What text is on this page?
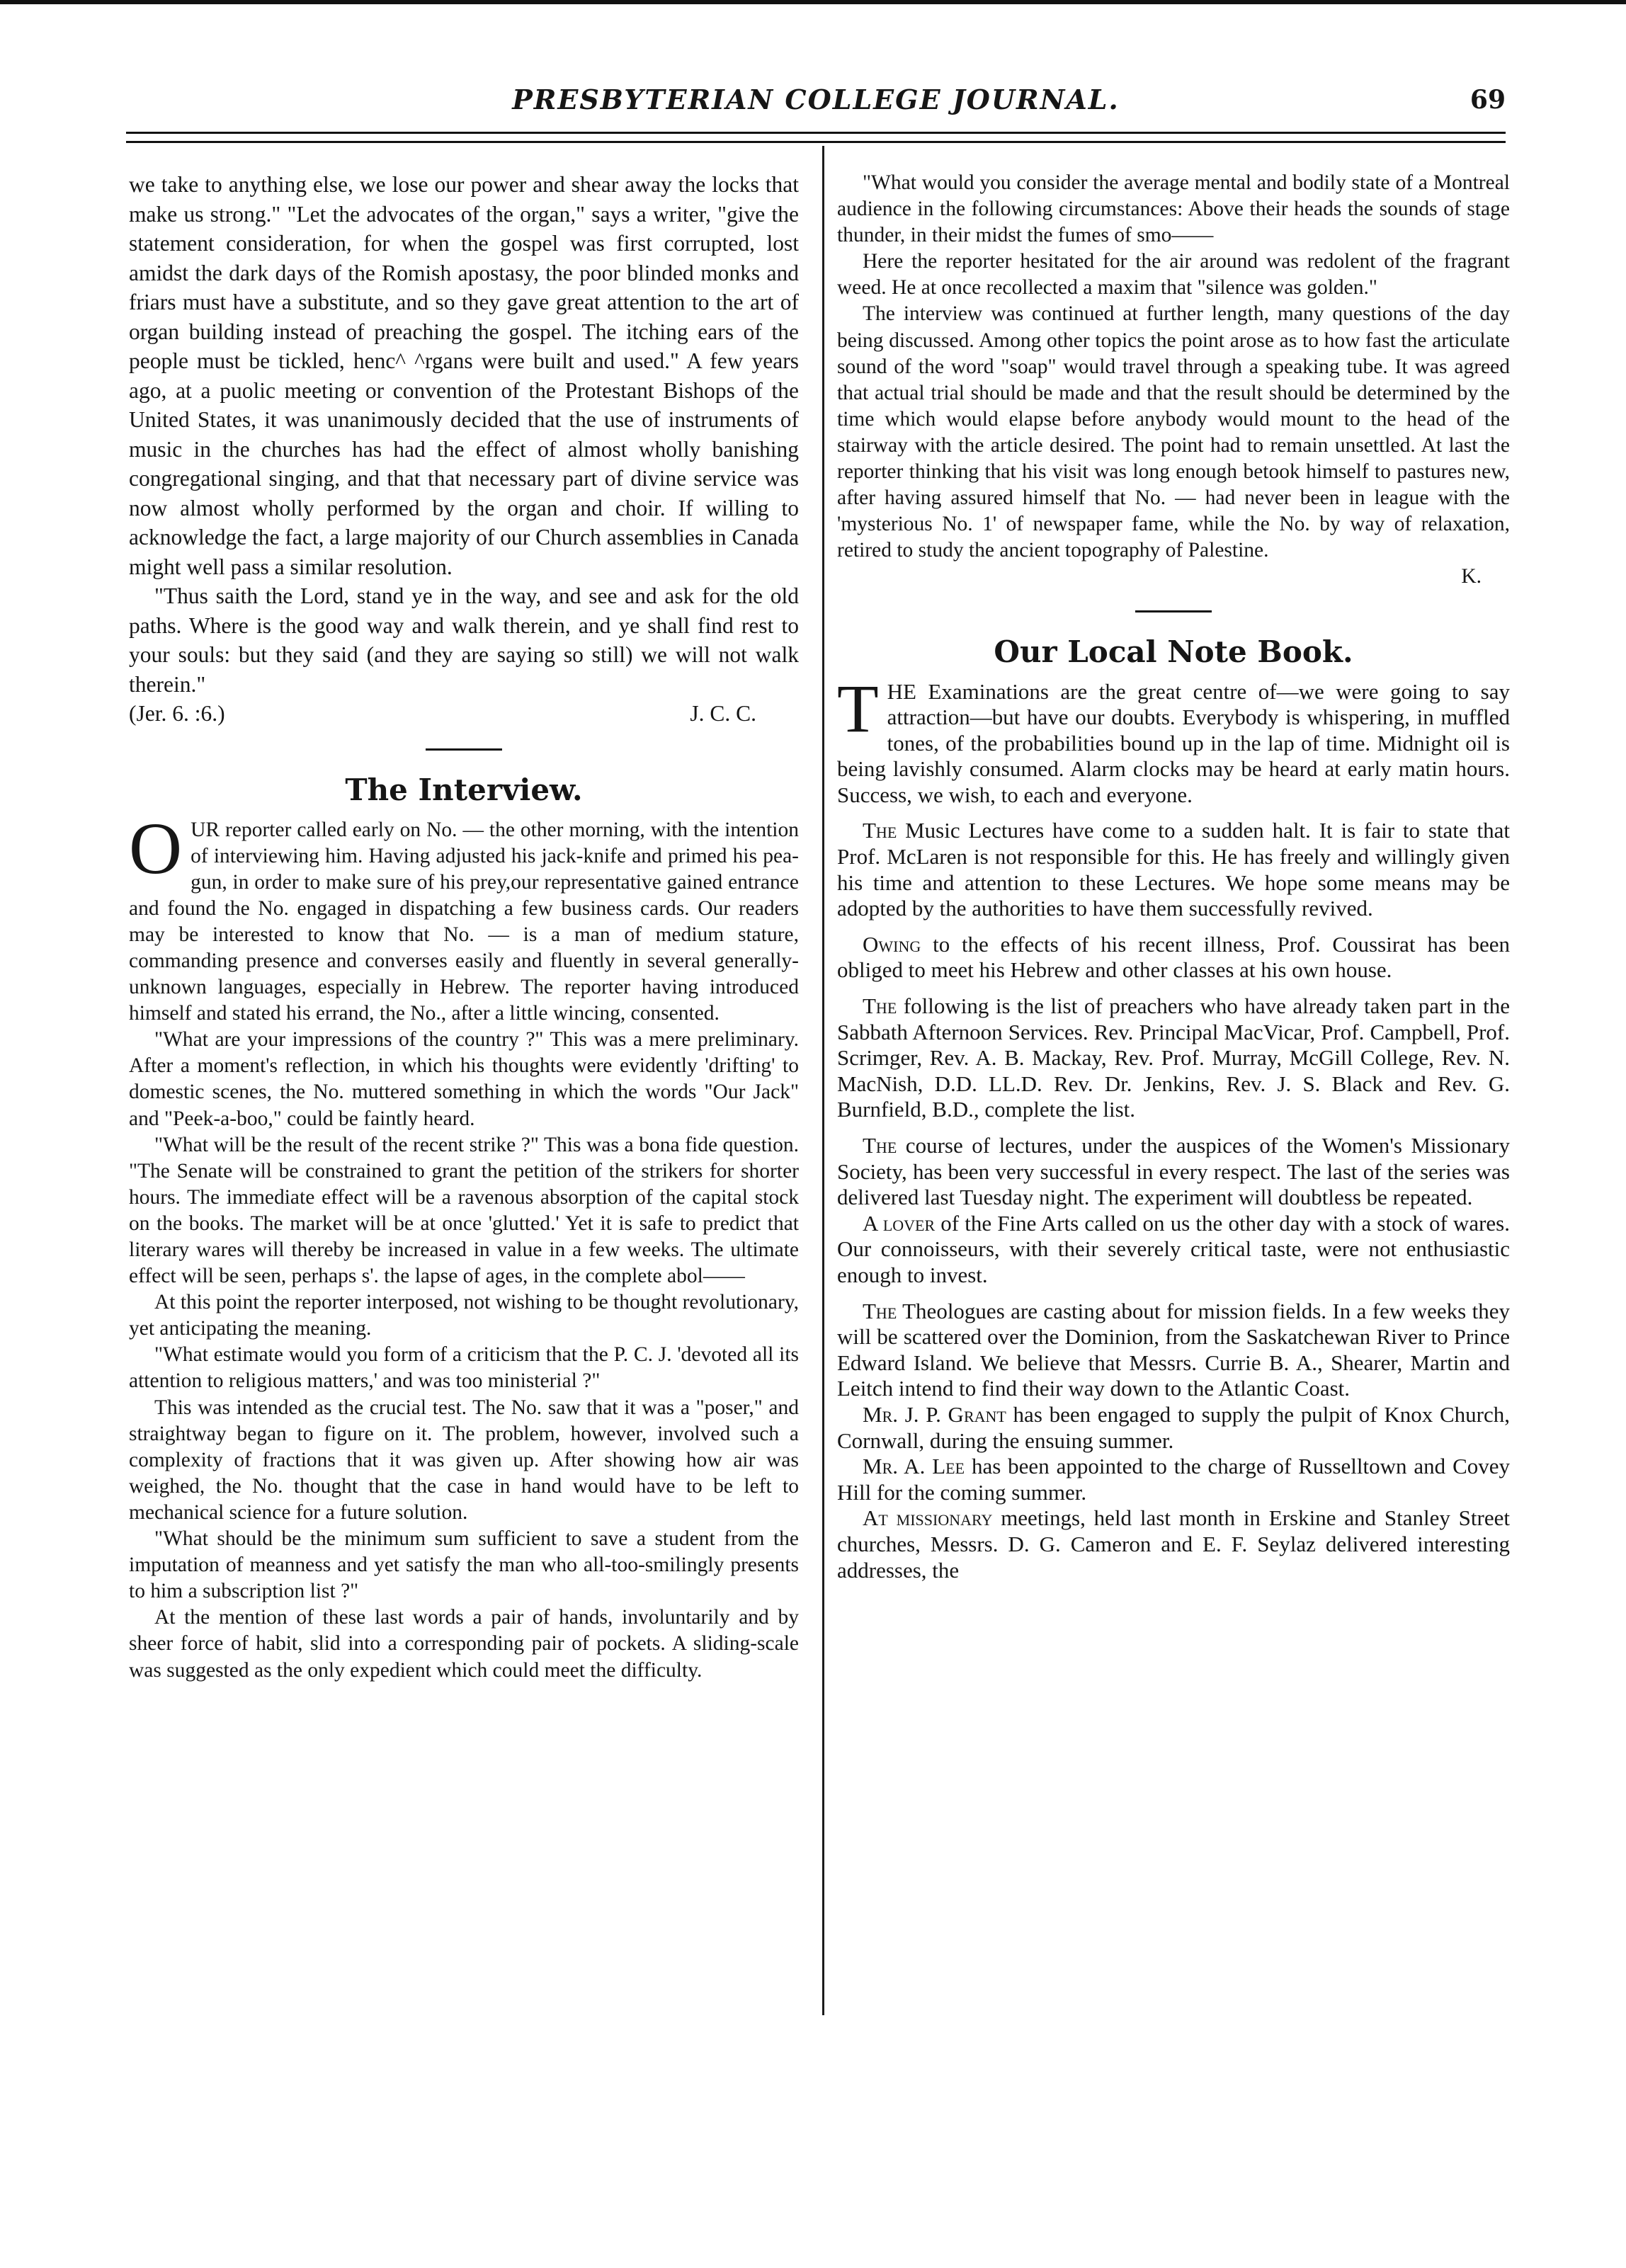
PRESBYTERIAN COLLEGE JOURNAL.	69

we take to anything else, we lose our power and shear away the locks that make us strong." "Let the advocates of the organ," says a writer, "give the statement consideration, for when the gospel was first corrupted, lost amidst the dark days of the Romish apostasy, the poor blinded monks and friars must have a substitute, and so they gave great attention to the art of organ building instead of preaching the gospel. The itching ears of the people must be tickled, henc^ ^rgans were built and used." A few years ago, at a puolic meeting or convention of the Protestant Bishops of the United States, it was unanimously decided that the use of instruments of music in the churches has had the effect of almost wholly banishing congregational singing, and that that necessary part of divine service was now almost wholly performed by the organ and choir. If willing to acknowledge the fact, a large majority of our Church assemblies in Canada might well pass a similar resolution.

"Thus saith the Lord, stand ye in the way, and see and ask for the old paths. Where is the good way and walk therein, and ye shall find rest to your souls: but they said (and they are saying so still) we will not walk therein."

(Jer. 6. :6.)	J. C. C.
The Interview.

OUR reporter called early on No. — the other morning, with the intention of interviewing him. Having adjusted his jack-knife and primed his pea-gun, in order to make sure of his prey,our representative gained entrance and found the No. engaged in dispatching a few business cards. Our readers may be interested to know that No. — is a man of medium stature, commanding presence and converses easily and fluently in several generally-unknown languages, especially in Hebrew. The reporter having introduced himself and stated his errand, the No., after a little wincing, consented.

"What are your impressions of the country ?" This was a mere preliminary. After a moment's reflection, in which his thoughts were evidently 'drifting' to domestic scenes, the No. muttered something in which the words "Our Jack" and "Peek-a-boo," could be faintly heard.

"What will be the result of the recent strike ?" This was a bona fide question. "The Senate will be constrained to grant the petition of the strikers for shorter hours. The immediate effect will be a ravenous absorption of the capital stock on the books. The market will be at once 'glutted.' Yet it is safe to predict that literary wares will thereby be increased in value in a few weeks. The ultimate effect will be seen, perhaps s'. the lapse of ages, in the complete abol——

At this point the reporter interposed, not wishing to be thought revolutionary, yet anticipating the meaning.

"What estimate would you form of a criticism that the P. C. J. 'devoted all its attention to religious matters,' and was too ministerial ?"

This was intended as the crucial test. The No. saw that it was a "poser," and straightway began to figure on it. The problem, however, involved such a complexity of fractions that it was given up. After showing how air was weighed, the No. thought that the case in hand would have to be left to mechanical science for a future solution.

"What should be the minimum sum sufficient to save a student from the imputation of meanness and yet satisfy the man who all-too-smilingly presents to him a subscription list ?"

At the mention of these last words a pair of hands, involuntarily and by sheer force of habit, slid into a corresponding pair of pockets. A sliding-scale was suggested as the only expedient which could meet the difficulty.

"What would you consider the average mental and bodily state of a Montreal audience in the following circumstances: Above their heads the sounds of stage thunder, in their midst the fumes of smo——

Here the reporter hesitated for the air around was redolent of the fragrant weed. He at once recollected a maxim that "silence was golden."

The interview was continued at further length, many questions of the day being discussed. Among other topics the point arose as to how fast the articulate sound of the word "soap" would travel through a speaking tube. It was agreed that actual trial should be made and that the result should be determined by the time which would elapse before anybody would mount to the head of the stairway with the article desired. The point had to remain unsettled. At last the reporter thinking that his visit was long enough betook himself to pastures new, after having assured himself that No. — had never been in league with the 'mysterious No. 1' of newspaper fame, while the No. by way of relaxation, retired to study the ancient topography of Palestine.

K.
Our Local Note Book.

THE Examinations are the great centre of—we were going to say attraction—but have our doubts. Everybody is whispering, in muffled tones, of the probabilities bound up in the lap of time. Midnight oil is being lavishly consumed. Alarm clocks may be heard at early matin hours. Success, we wish, to each and everyone.

The Music Lectures have come to a sudden halt. It is fair to state that Prof. McLaren is not responsible for this. He has freely and willingly given his time and attention to these Lectures. We hope some means may be adopted by the authorities to have them successfully revived.

Owing to the effects of his recent illness, Prof. Coussirat has been obliged to meet his Hebrew and other classes at his own house.

The following is the list of preachers who have already taken part in the Sabbath Afternoon Services. Rev. Principal MacVicar, Prof. Campbell, Prof. Scrimger, Rev. A. B. Mackay, Rev. Prof. Murray, McGill College, Rev. N. MacNish, D.D. LL.D. Rev. Dr. Jenkins, Rev. J. S. Black and Rev. G. Burnfield, B.D., complete the list.

The course of lectures, under the auspices of the Women's Missionary Society, has been very successful in every respect. The last of the series was delivered last Tuesday night. The experiment will doubtless be repeated.

A lover of the Fine Arts called on us the other day with a stock of wares. Our connoisseurs, with their severely critical taste, were not enthusiastic enough to invest.

The Theologues are casting about for mission fields. In a few weeks they will be scattered over the Dominion, from the Saskatchewan River to Prince Edward Island. We believe that Messrs. Currie B. A., Shearer, Martin and Leitch intend to find their way down to the Atlantic Coast.

Mr. J. P. Grant has been engaged to supply the pulpit of Knox Church, Cornwall, during the ensuing summer.

Mr. A. Lee has been appointed to the charge of Russelltown and Covey Hill for the coming summer.

At missionary meetings, held last month in Erskine and Stanley Street churches, Messrs. D. G. Cameron and E. F. Seylaz delivered interesting addresses, the
